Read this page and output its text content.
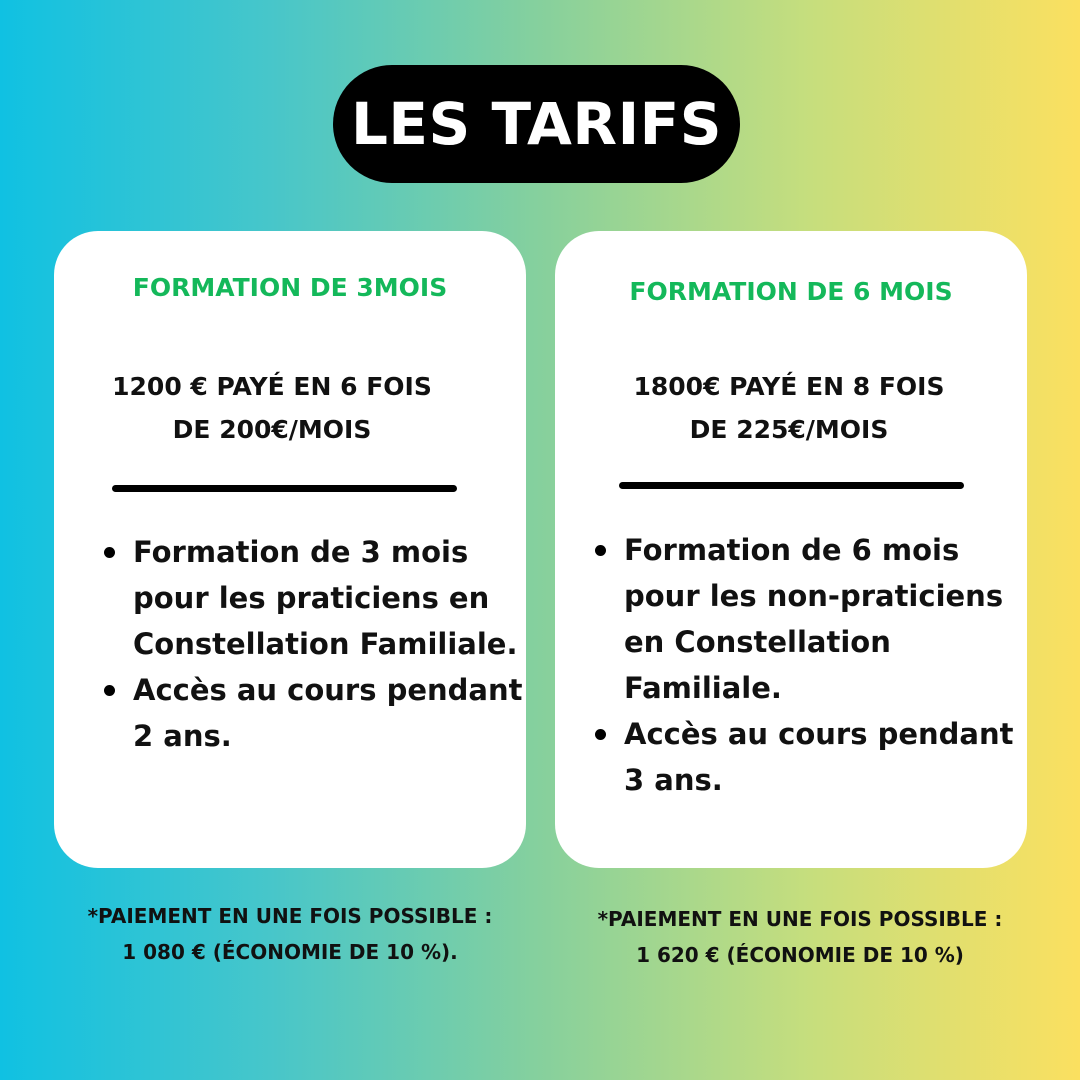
LES TARIFS
FORMATION DE 3MOIS
1200 € PAYÉ EN 6 FOIS
DE 200€/MOIS
Formation de 3 mois pour les praticiens en Constellation Familiale.
Accès au cours pendant 2 ans.
FORMATION DE 6 MOIS
1800€ PAYÉ EN 8 FOIS
DE 225€/MOIS
Formation de 6 mois pour les non-praticiens en Constellation Familiale.
Accès au cours pendant 3 ans.
*PAIEMENT EN UNE FOIS POSSIBLE :
1 080 € (ÉCONOMIE DE 10 %).
*PAIEMENT EN UNE FOIS POSSIBLE :
1 620 € (ÉCONOMIE DE 10 %)
